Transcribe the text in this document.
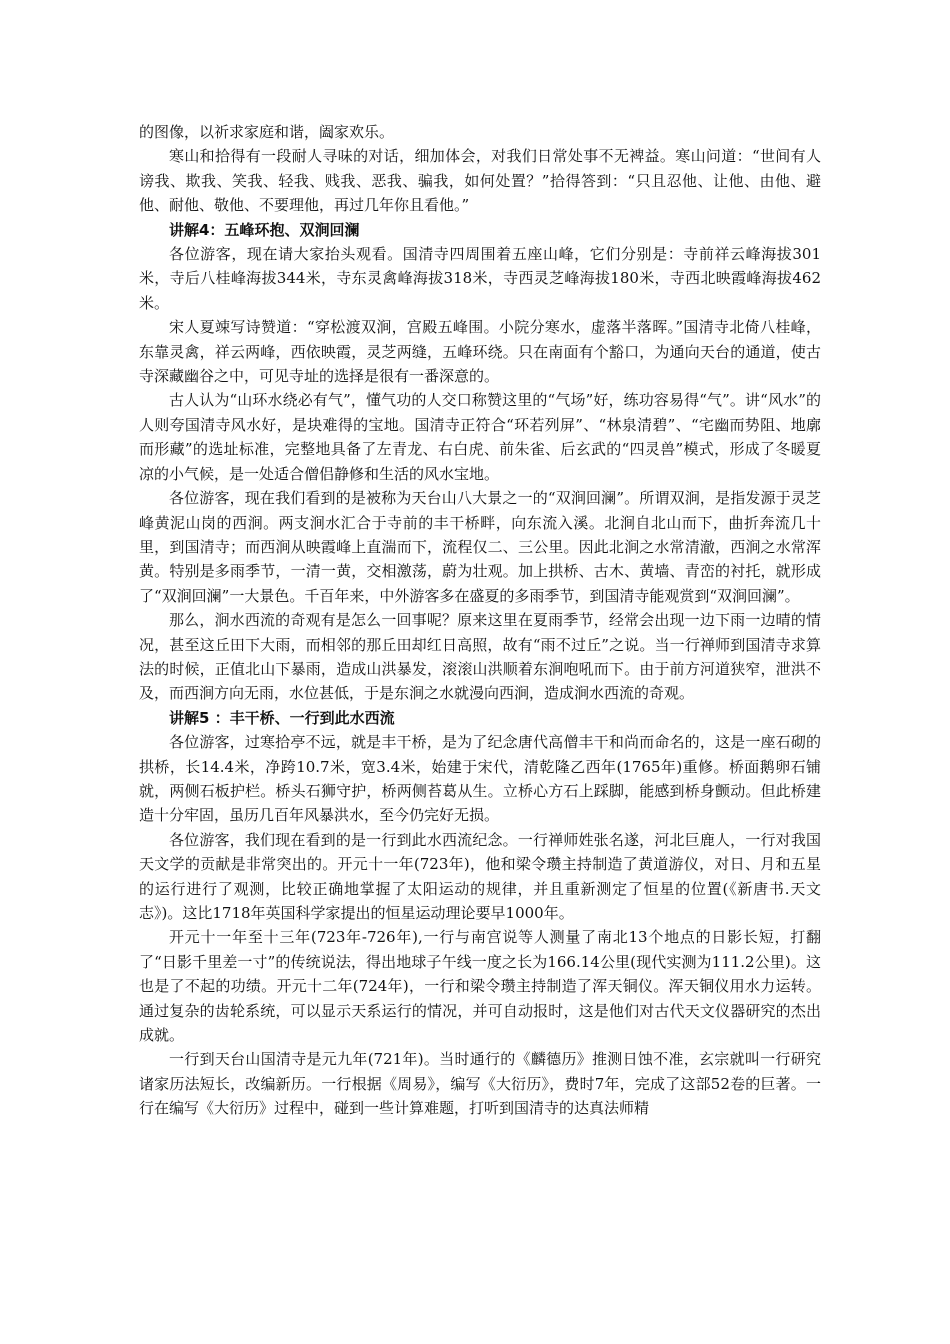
的图像，以祈求家庭和谐，阖家欢乐。

寒山和拾得有一段耐人寻味的对话，细加体会，对我们日常处事不无裨益。寒山问道：“世间有人谤我、欺我、笑我、轻我、贱我、恶我、骗我，如何处置？”拾得答到：“只且忍他、让他、由他、避他、耐他、敬他、不要理他，再过几年你且看他。”

讲解4：五峰环抱、双涧回澜

各位游客，现在请大家抬头观看。国清寺四周围着五座山峰，它们分别是：寺前祥云峰海拔301米，寺后八桂峰海拔344米，寺东灵禽峰海拔318米，寺西灵芝峰海拔180米，寺西北映霞峰海拔462米。

宋人夏竦写诗赞道：“穿松渡双涧，宫殿五峰围。小院分寒水，虚落半落晖。”国清寺北倚八桂峰，东靠灵禽，祥云两峰，西依映霞，灵芝两缝，五峰环绕。只在南面有个豁口，为通向天台的通道，使古寺深藏幽谷之中，可见寺址的选择是很有一番深意的。

古人认为“山环水绕必有气”，懂气功的人交口称赞这里的“气场”好，练功容易得“气”。讲“风水”的人则夸国清寺风水好，是块难得的宝地。国清寺正符合“环若列屏”、“林泉清碧”、“宅幽而势阻、地廓而形藏”的选址标准，完整地具备了左青龙、右白虎、前朱雀、后玄武的“四灵兽”模式，形成了冬暖夏凉的小气候，是一处适合僧侣静修和生活的风水宝地。

各位游客，现在我们看到的是被称为天台山八大景之一的“双涧回澜”。所谓双涧，是指发源于灵芝峰黄泥山岗的西涧。两支涧水汇合于寺前的丰干桥畔，向东流入溪。北涧自北山而下，曲折奔流几十里，到国清寺；而西涧从映霞峰上直湍而下，流程仅二、三公里。因此北涧之水常清澈，西涧之水常浑黄。特别是多雨季节，一清一黄，交相激荡，蔚为壮观。加上拱桥、古木、黄墙、青峦的衬托，就形成了“双涧回澜”一大景色。千百年来，中外游客多在盛夏的多雨季节，到国清寺能观赏到“双涧回澜”。

那么，涧水西流的奇观有是怎么一回事呢？原来这里在夏雨季节，经常会出现一边下雨一边晴的情况，甚至这丘田下大雨，而相邻的那丘田却红日高照，故有“雨不过丘”之说。当一行禅师到国清寺求算法的时候，正值北山下暴雨，造成山洪暴发，滚滚山洪顺着东涧咆吼而下。由于前方河道狭窄，泄洪不及，而西涧方向无雨，水位甚低，于是东涧之水就漫向西涧，造成涧水西流的奇观。

讲解5 ：丰干桥、一行到此水西流

各位游客，过寒拾亭不远，就是丰干桥，是为了纪念唐代高僧丰干和尚而命名的，这是一座石砌的拱桥，长14.4米，净跨10.7米，宽3.4米，始建于宋代，清乾隆乙西年(1765年)重修。桥面鹅卵石铺就，两侧石板护栏。桥头石狮守护，桥两侧苔葛从生。立桥心方石上踩脚，能感到桥身颤动。但此桥建造十分牢固，虽历几百年风暴洪水，至今仍完好无损。

各位游客，我们现在看到的是一行到此水西流纪念。一行禅师姓张名遂，河北巨鹿人，一行对我国天文学的贡献是非常突出的。开元十一年(723年)，他和梁令瓒主持制造了黄道游仪，对日、月和五星的运行进行了观测，比较正确地掌握了太阳运动的规律，并且重新测定了恒星的位置(《新唐书.天文志》)。这比1718年英国科学家提出的恒星运动理论要早1000年。

开元十一年至十三年(723年-726年),一行与南宫说等人测量了南北13个地点的日影长短，打翻了“日影千里差一寸”的传统说法，得出地球子午线一度之长为166.14公里(现代实测为111.2公里)。这也是了不起的功绩。开元十二年(724年)，一行和梁令瓒主持制造了浑天铜仪。浑天铜仪用水力运转。通过复杂的齿轮系统，可以显示天系运行的情况，并可自动报时，这是他们对古代天文仪器研究的杰出成就。

一行到天台山国清寺是元九年(721年)。当时通行的《麟德历》推测日蚀不准，玄宗就叫一行研究诸家历法短长，改编新历。一行根据《周易》，编写《大衍历》，费时7年，完成了这部52卷的巨著。一行在编写《大衍历》过程中，碰到一些计算难题，打听到国清寺的达真法师精
